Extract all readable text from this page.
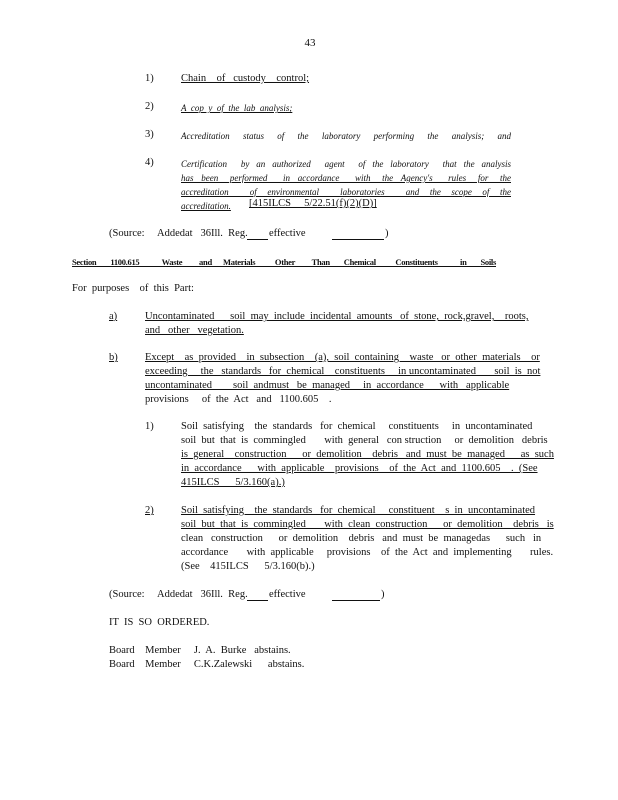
43
1)	Chain    of   custody    control;
2)	A  cop  y  of  the  lab  analysis;
3)	Accreditation   status   of   the   laboratory   performing   the   analysis;   and
4)	Certification    by  an  authorized    agent    of  the  laboratory    that  the  analysis
has  been   performed    in  accordance    with   the  Agency's    rules   for   the
accreditation    of  environmental    laboratories    and  the  scope  of  the
accreditation. [415ILCS     5/22.51(f)(2)(D)]
(Source: Addedat   36Ill.  Reg. effective	)
Section     1100.615        Waste      and    Materials       Other      Than     Chemical       Constituents        in     Soils
For  purposes    of  this  Part:
a)	Uncontaminated      soil  may  include  incidental  amounts   of  stone,  rock,gravel,    roots,
and   other   vegetation.
b)	Except    as  provided    in  subsection    (a),  soil  containing    waste   or  other  materials    or
exceeding     the   standards   for  chemical    constituents     in uncontaminated       soil  is  not
uncontaminated        soil  andmust   be  managed     in  accordance      with   applicable
provisions     of  the  Act   and   1100.605    .
1)	Soil  satisfying    the  standards   for  chemical     constituents     in  uncontaminated
soil  but  that  is  commingled       with  general   con struction     or  demolition   debris
is  general    construction      or  demolition    debris   and  must  be  managed      as  such
in  accordance      with  applicable    provisions    of  the  Act  and  1100.605    .  (See
415ILCS      5/3.160(a).)
2)	Soil  satisfying    the  standards   for  chemical     constituent    s  in  uncontaminated
soil  but  that  is  commingled       with  clean  construction      or  demolition    debris   is
clean   construction      or  demolition    debris   and  must  be  managedas      such   in
accordance       with  applicable     provisions    of  the  Act  and  implementing       rules.
(See    415ILCS      5/3.160(b).)
(Source: Addedat   36Ill.  Reg. effective	)
IT  IS  SO  ORDERED.
Board    Member     J.  A.  Burke   abstains.
Board    Member     C.K.Zalewski      abstains.
